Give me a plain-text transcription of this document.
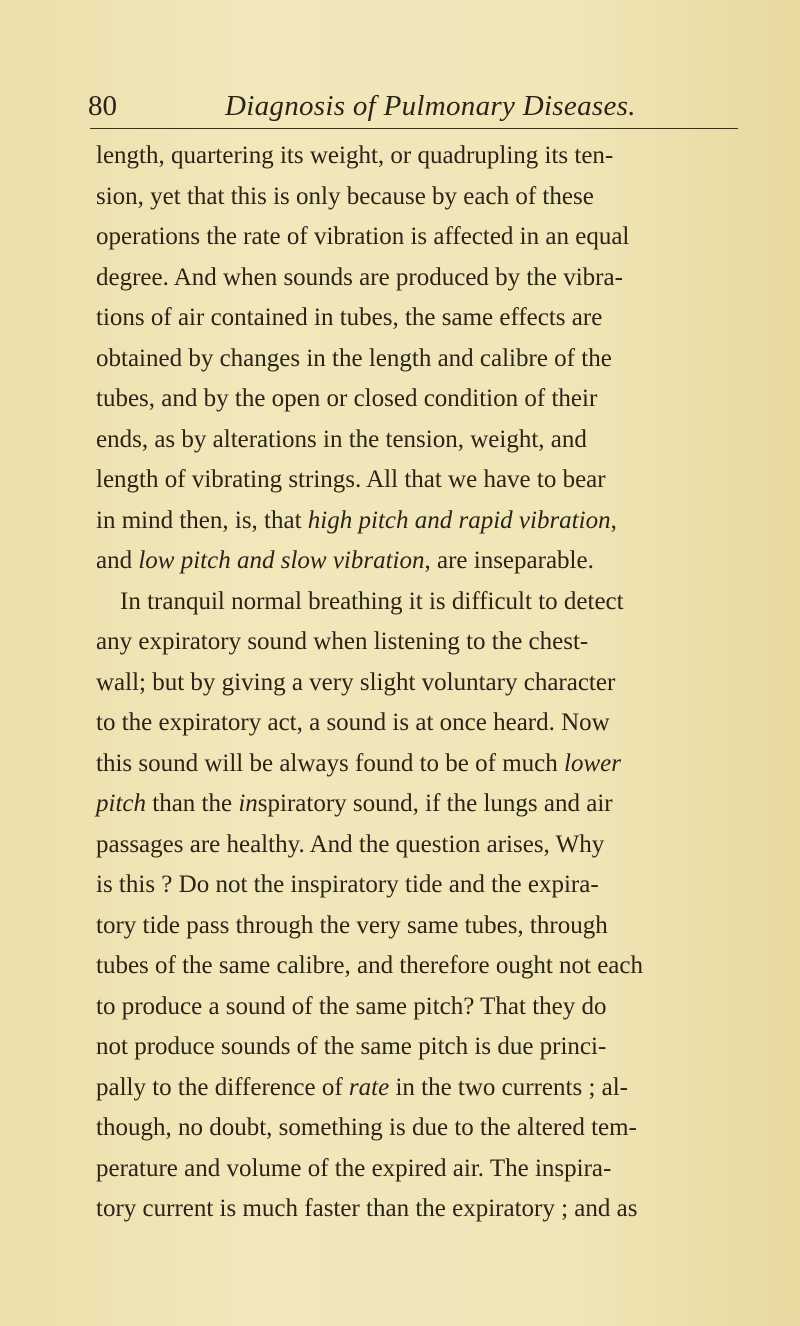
80	Diagnosis of Pulmonary Diseases.
length, quartering its weight, or quadrupling its ten-
sion, yet that this is only because by each of these
operations the rate of vibration is affected in an equal
degree. And when sounds are produced by the vibra-
tions of air contained in tubes, the same effects are
obtained by changes in the length and calibre of the
tubes, and by the open or closed condition of their
ends, as by alterations in the tension, weight, and
length of vibrating strings. All that we have to bear
in mind then, is, that high pitch and rapid vibration,
and low pitch and slow vibration, are inseparable.
In tranquil normal breathing it is difficult to detect
any expiratory sound when listening to the chest-
wall; but by giving a very slight voluntary character
to the expiratory act, a sound is at once heard. Now
this sound will be always found to be of much lower
pitch than the inspiratory sound, if the lungs and air
passages are healthy. And the question arises, Why
is this ? Do not the inspiratory tide and the expira-
tory tide pass through the very same tubes, through
tubes of the same calibre, and therefore ought not each
to produce a sound of the same pitch? That they do
not produce sounds of the same pitch is due princi-
pally to the difference of rate in the two currents ; al-
though, no doubt, something is due to the altered tem-
perature and volume of the expired air. The inspira-
tory current is much faster than the expiratory ; and as
